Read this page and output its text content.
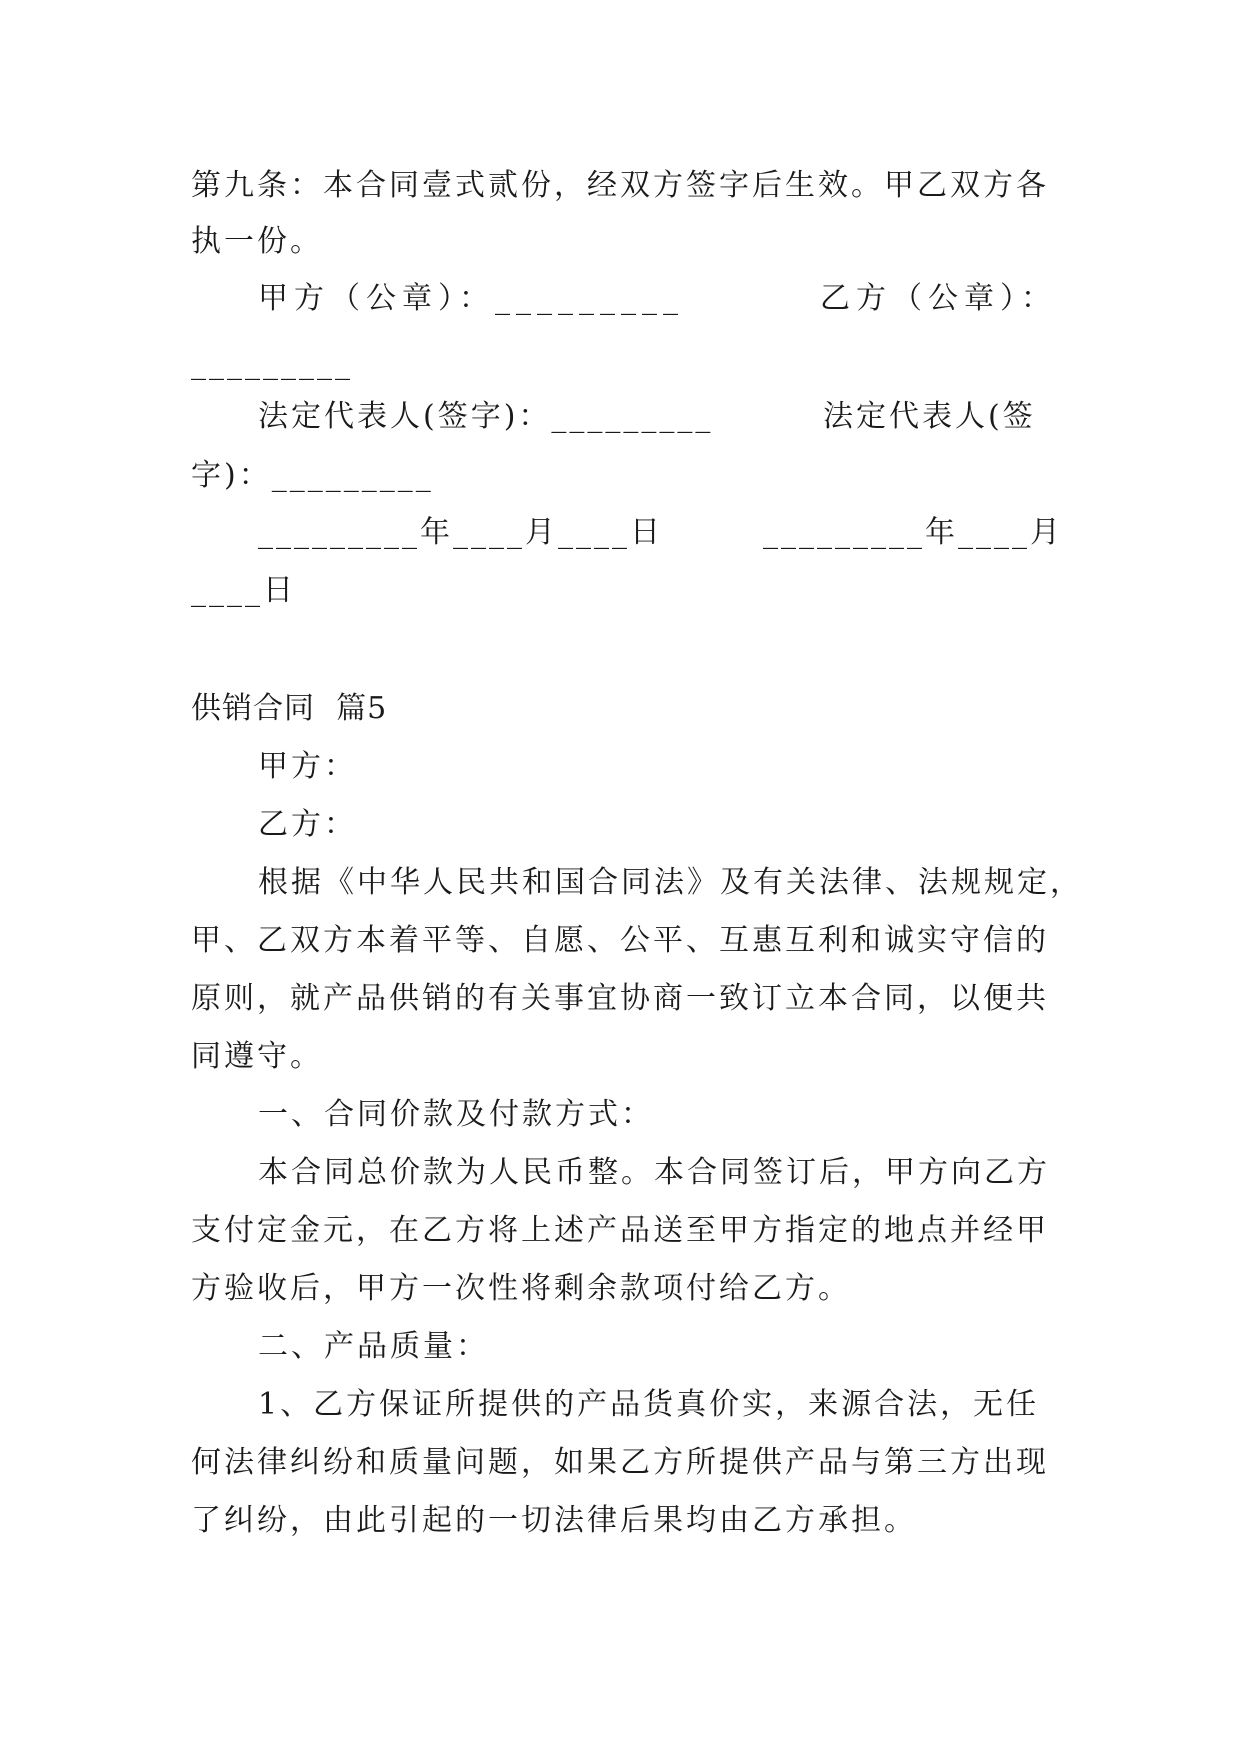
第九条：本合同壹式贰份，经双方签字后生效。甲乙双方各
执一份。
甲方（公章）：_________	乙方（公章）：
_________
法定代表人(签字)：_________	法定代表人(签
字)：_________
_________年____月____日	_________年____月
____日
供销合同  篇5
甲方：
乙方：
根据《中华人民共和国合同法》及有关法律、法规规定，
甲、乙双方本着平等、自愿、公平、互惠互利和诚实守信的
原则，就产品供销的有关事宜协商一致订立本合同，以便共
同遵守。
一、合同价款及付款方式：
本合同总价款为人民币整。本合同签订后，甲方向乙方
支付定金元，在乙方将上述产品送至甲方指定的地点并经甲
方验收后，甲方一次性将剩余款项付给乙方。
二、产品质量：
1、乙方保证所提供的产品货真价实，来源合法，无任
何法律纠纷和质量问题，如果乙方所提供产品与第三方出现
了纠纷，由此引起的一切法律后果均由乙方承担。
